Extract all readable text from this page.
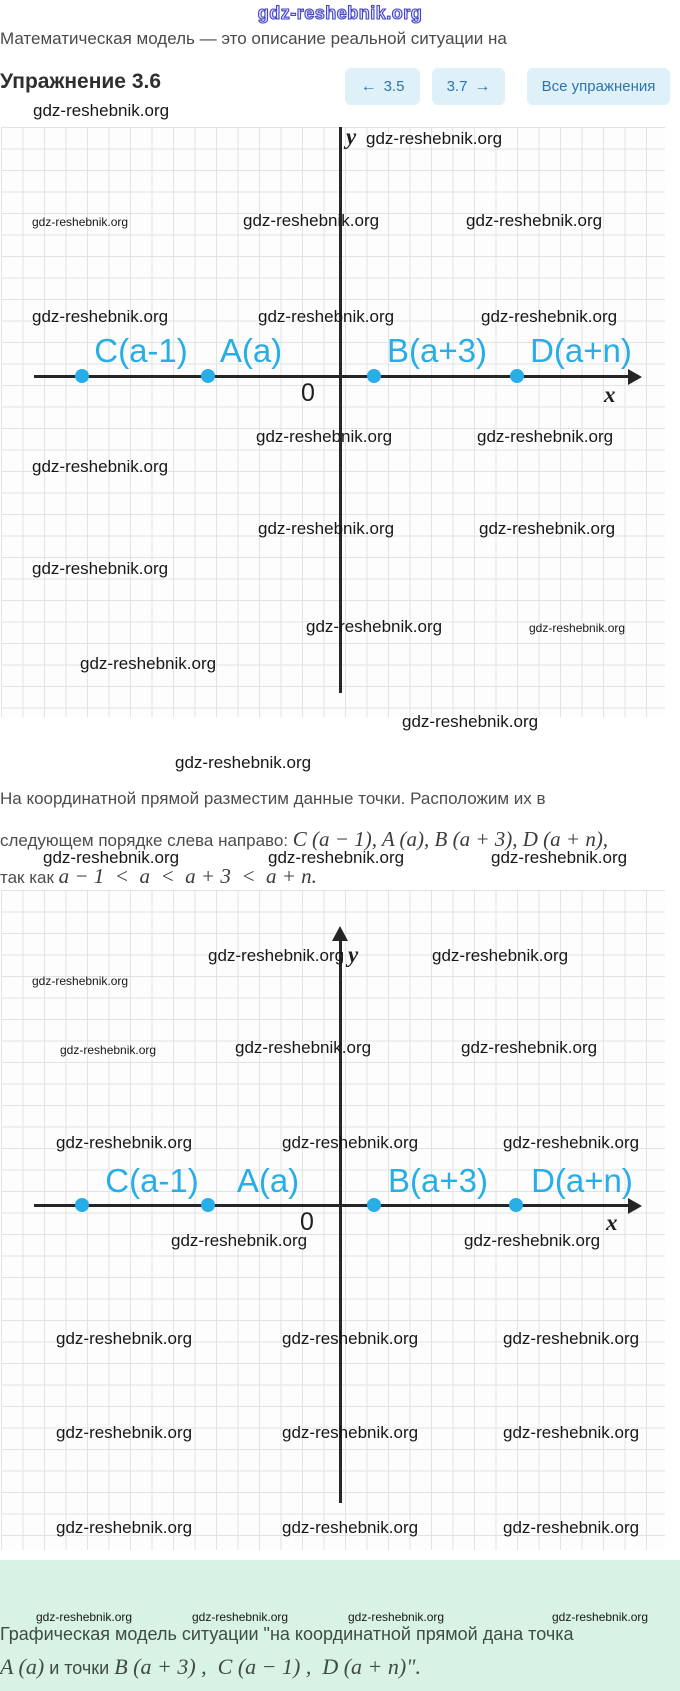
gdz-reshebnik.org
Математическая модель — это описание реальной ситуации на
Упражнение 3.6	← 3.5	3.7 →	Все упражнения
gdz-reshebnik.org
y gdz-reshebnik.org
gdz-reshebnik.org	gdz-reshebnik.org	gdz-reshebnik.org
gdz-reshebnik.org	gdz-reshebnik.org	gdz-reshebnik.org
C(a-1) A(a)	B(a+3) D(a+n)
0	x
gdz-reshebnik.org	gdz-reshebnik.org
gdz-reshebnik.org
gdz-reshebnik.org	gdz-reshebnik.org
gdz-reshebnik.org
gdz-reshebnik.org	gdz-reshebnik.org
gdz-reshebnik.org
gdz-reshebnik.org
gdz-reshebnik.org
На координатной прямой разместим данные точки. Расположим их в
следующем порядке слева направо: C (a − 1), A (a), B (a + 3), D (a + n),
gdz-reshebnik.org	gdz-reshebnik.org	gdz-reshebnik.org
так как a − 1  <  a  <  a + 3  <  a + n.
y
gdz-reshebnik.org	gdz-reshebnik.org
gdz-reshebnik.org
gdz-reshebnik.org	gdz-reshebnik.org	gdz-reshebnik.org
gdz-reshebnik.org	gdz-reshebnik.org	gdz-reshebnik.org
C(a-1) A(a)	B(a+3) D(a+n)
0	x
gdz-reshebnik.org	gdz-reshebnik.org
gdz-reshebnik.org	gdz-reshebnik.org	gdz-reshebnik.org
gdz-reshebnik.org	gdz-reshebnik.org	gdz-reshebnik.org
gdz-reshebnik.org	gdz-reshebnik.org	gdz-reshebnik.org
gdz-reshebnik.org	gdz-reshebnik.org	gdz-reshebnik.org	gdz-reshebnik.org
Графическая модель ситуации "на координатной прямой дана точка
A (a) и точки B (a + 3) ,  C (a − 1) ,  D (a + n)".
